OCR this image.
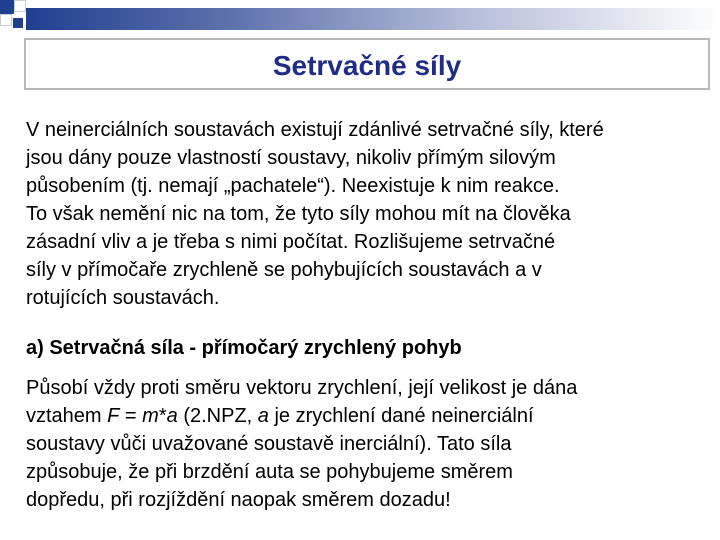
Setrvačné síly

V neinerciálních soustavách existují zdánlivé setrvačné síly, které
jsou dány pouze vlastností soustavy, nikoliv přímým silovým
působením (tj. nemají „pachatele“). Neexistuje k nim reakce.
To však nemění nic na tom, že tyto síly mohou mít na člověka
zásadní vliv a je třeba s nimi počítat. Rozlišujeme setrvačné
síly v přímočaře zrychleně se pohybujících soustavách a v
rotujících soustavách.

a) Setrvačná síla - přímočarý zrychlený pohyb

Působí vždy proti směru vektoru zrychlení, její velikost je dána
vztahem F = m*a (2.NPZ, a je zrychlení dané neinerciální
soustavy vůči uvažované soustavě inerciální). Tato síla
způsobuje, že při brzdění auta se pohybujeme směrem
dopředu, při rozjíždění naopak směrem dozadu!
